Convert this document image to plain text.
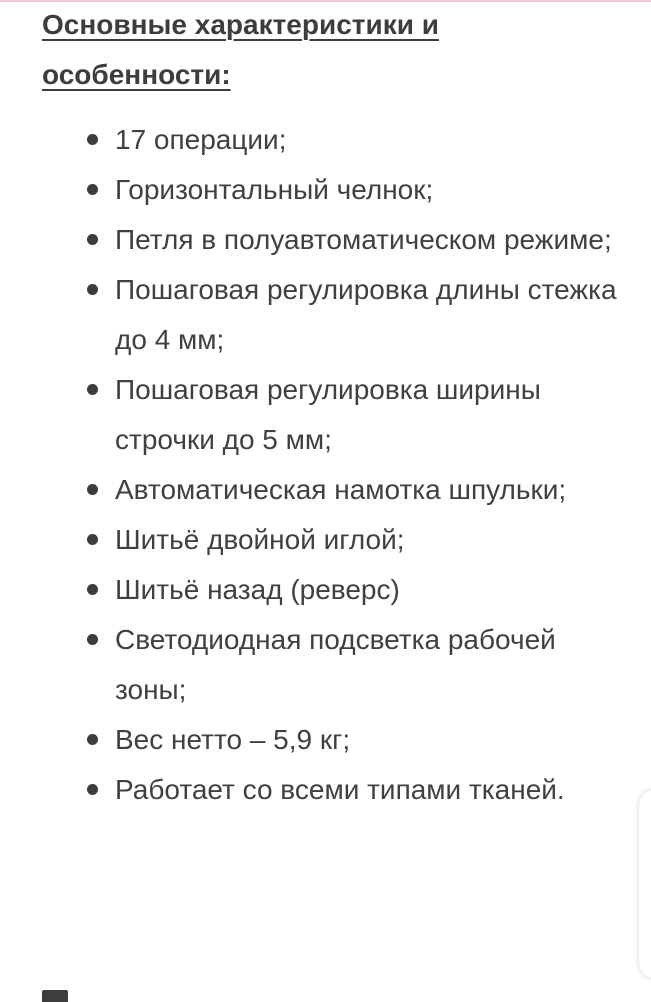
Основные характеристики и особенности:
17 операции;
Горизонтальный челнок;
Петля в полуавтоматическом режиме;
Пошаговая регулировка длины стежка до 4 мм;
Пошаговая регулировка ширины строчки до 5 мм;
Автоматическая намотка шпульки;
Шитьё двойной иглой;
Шитьё назад (реверс)
Светодиодная подсветка рабочей зоны;
Вес нетто – 5,9 кг;
Работает со всеми типами тканей.
